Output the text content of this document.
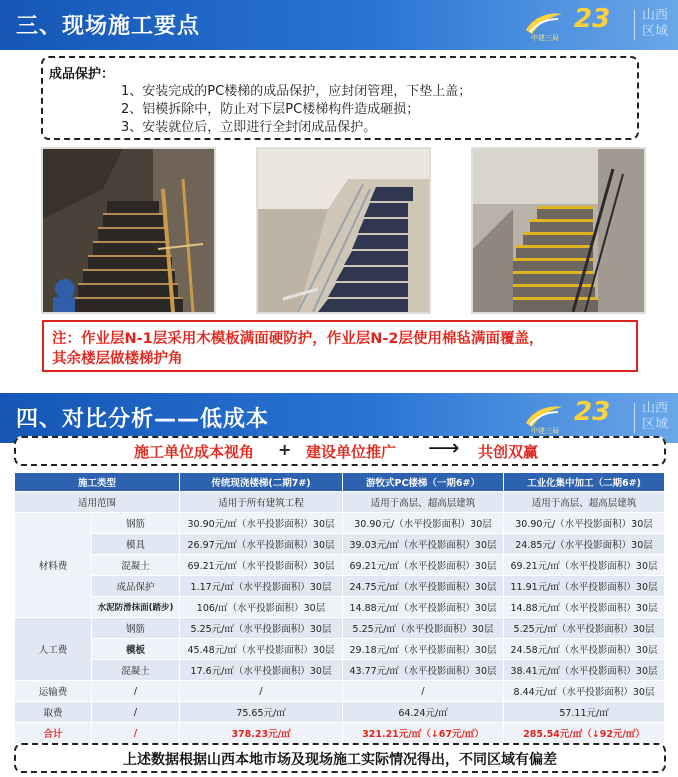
三、现场施工要点	中建三局
23 山西区域
成品保护：
1、安装完成的PC楼梯的成品保护，应封闭管理，下垫上盖；
2、铝模拆除中，防止对下层PC楼梯构件造成砸损；
3、安装就位后，立即进行全封闭成品保护。
注：作业层N-1层采用木模板满面硬防护，作业层N-2层使用棉毡满面覆盖，
其余楼层做楼梯护角
四、对比分析——低成本	中建三局
23 山西区域
施工单位成本视角 + 建设单位推广 ⟶ 共创双赢
施工类型		传统现浇楼梯(二期7#)	游牧式PC楼梯（一期6#）	工业化集中加工（二期6#)
适用范围		适用于所有建筑工程	适用于高层、超高层建筑	适用于高层、超高层建筑
材料费	钢筋	30.90元/㎡（水平投影面积）30层	30.90元/（水平投影面积）30层	30.90元/（水平投影面积）30层
	模具	26.97元/㎡（水平投影面积）30层	39.03元/㎡（水平投影面积）30层	24.85元/（水平投影面积）30层
	混凝土	69.21元/㎡（水平投影面积）30层	69.21元/㎡（水平投影面积）30层	69.21元/㎡（水平投影面积）30层
	成品保护	1.17元/㎡（水平投影面积）30层	24.75元/㎡（水平投影面积）30层	11.91元/㎡（水平投影面积）30层
	水泥防滑抹面(踏步)	106/㎡（水平投影面积）30层	14.88元/㎡（水平投影面积）30层	14.88元/㎡（水平投影面积）30层
人工费	钢筋	5.25元/㎡（水平投影面积）30层	5.25元/㎡（水平投影面积）30层	5.25元/㎡（水平投影面积）30层
	模板	45.48元/㎡（水平投影面积）30层	29.18元/㎡（水平投影面积）30层	24.58元/㎡（水平投影面积）30层
	混凝土	17.6元/㎡（水平投影面积）30层	43.77元/㎡（水平投影面积）30层	38.41元/㎡（水平投影面积）30层
运输费	/	/	/	8.44元/㎡（水平投影面积）30层
取费	/	75.65元/㎡	64.24元/㎡	57.11元/㎡
合计	/	378.23元/㎡	321.21元/㎡（↓67元/㎡）	285.54元/㎡（↓92元/㎡）
上述数据根据山西本地市场及现场施工实际情况得出，不同区域有偏差
